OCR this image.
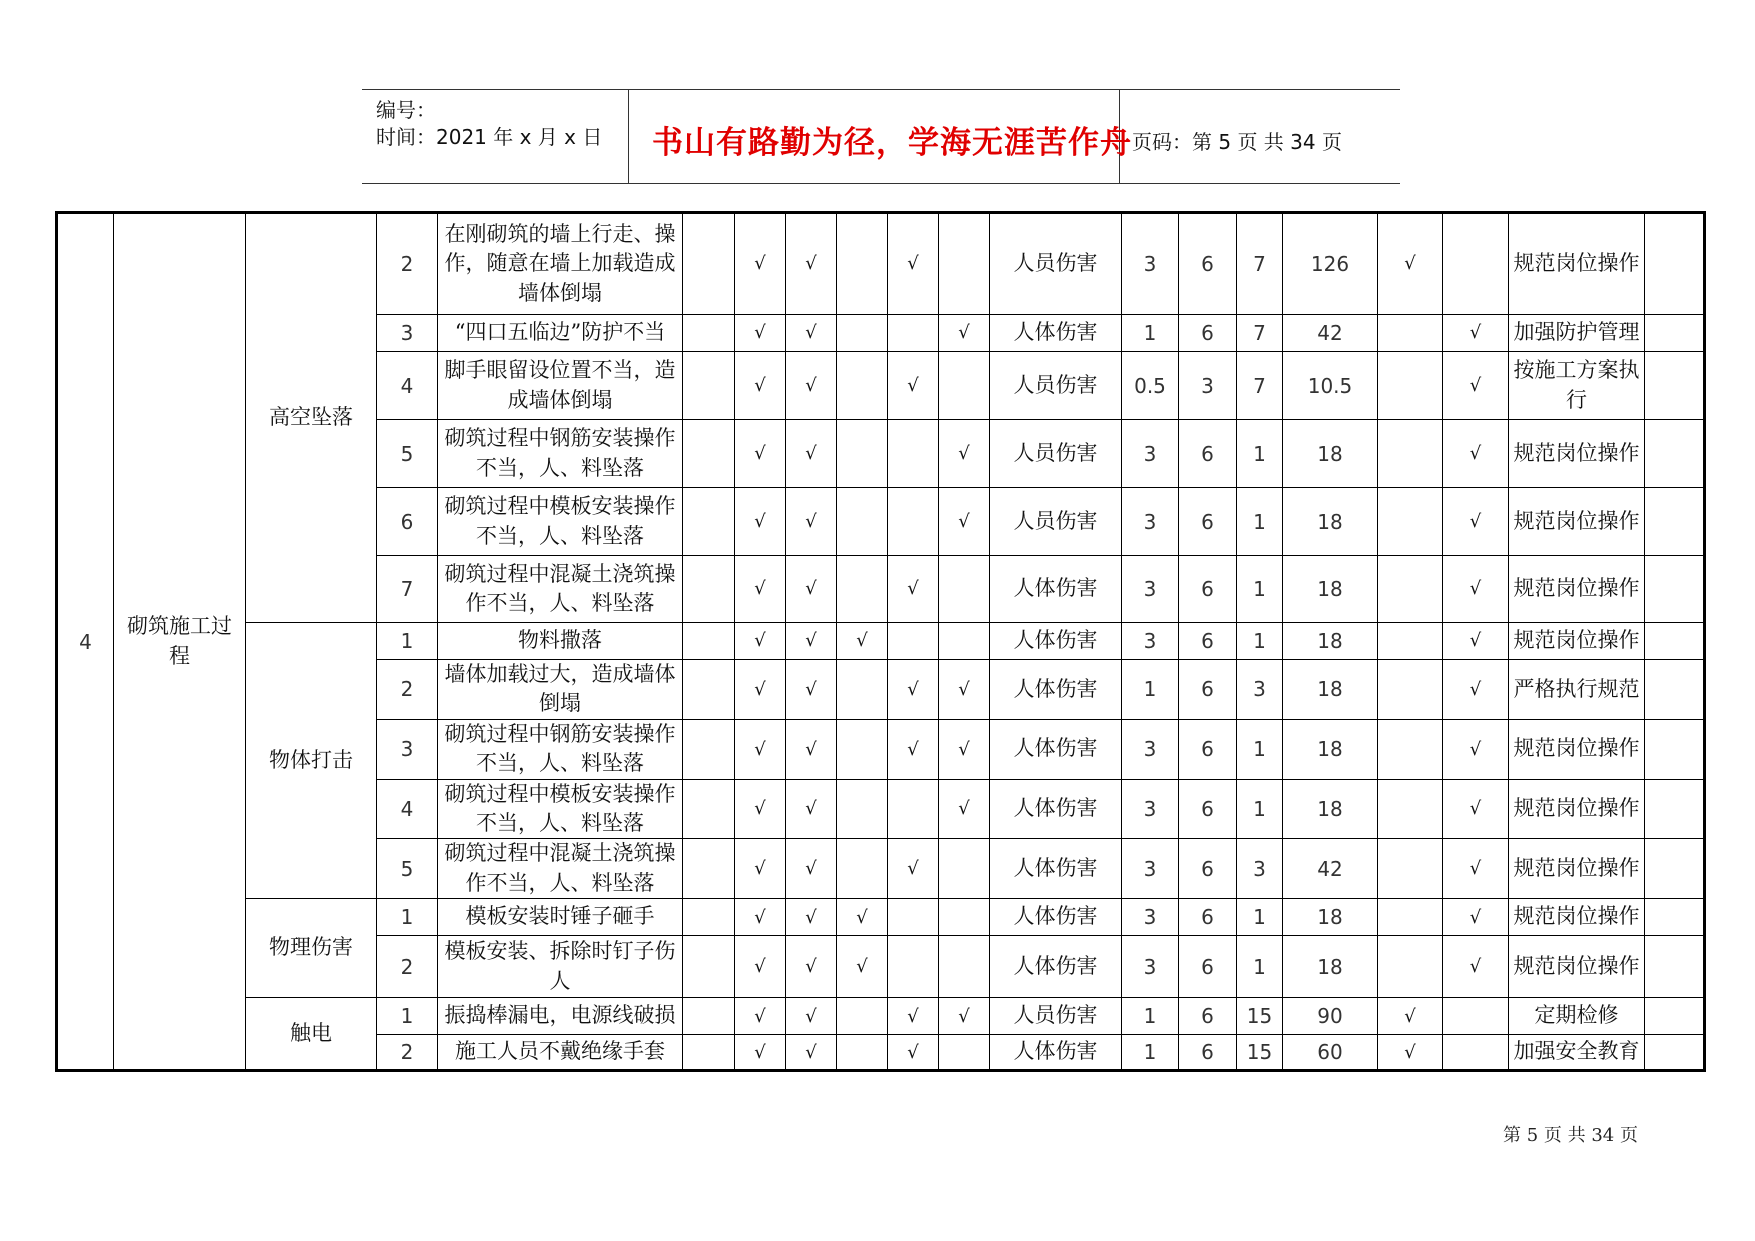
编号：
时间：2021 年 x 月 x 日 书山有路勤为径，学海无涯苦作舟 页码：第 5 页 共 34 页
4	砌筑施工过程	高空坠落	2	在刚砌筑的墙上行走、操作，随意在墙上加载造成墙体倒塌		√	√		√		人员伤害	3	6	7	126	√		规范岗位操作	
			3	“四口五临边”防护不当		√	√			√	人体伤害	1	6	7	42		√	加强防护管理	
			4	脚手眼留设位置不当，造成墙体倒塌		√	√		√		人员伤害	0.5	3	7	10.5		√	按施工方案执行	
			5	砌筑过程中钢筋安装操作不当，人、料坠落		√	√			√	人员伤害	3	6	1	18		√	规范岗位操作	
			6	砌筑过程中模板安装操作不当，人、料坠落		√	√			√	人员伤害	3	6	1	18		√	规范岗位操作	
			7	砌筑过程中混凝土浇筑操作不当，人、料坠落		√	√		√		人体伤害	3	6	1	18		√	规范岗位操作	
		物体打击	1	物料撒落		√	√	√			人体伤害	3	6	1	18		√	规范岗位操作	
			2	墙体加载过大，造成墙体倒塌		√	√		√	√	人体伤害	1	6	3	18		√	严格执行规范	
			3	砌筑过程中钢筋安装操作不当，人、料坠落		√	√		√	√	人体伤害	3	6	1	18		√	规范岗位操作	
			4	砌筑过程中模板安装操作不当，人、料坠落		√	√			√	人体伤害	3	6	1	18		√	规范岗位操作	
			5	砌筑过程中混凝土浇筑操作不当，人、料坠落		√	√		√		人体伤害	3	6	3	42		√	规范岗位操作	
		物理伤害	1	模板安装时锤子砸手		√	√	√			人体伤害	3	6	1	18		√	规范岗位操作	
			2	模板安装、拆除时钉子伤人		√	√	√			人体伤害	3	6	1	18		√	规范岗位操作	
		触电	1	振捣棒漏电，电源线破损		√	√		√	√	人员伤害	1	6	15	90	√		定期检修	
			2	施工人员不戴绝缘手套		√	√		√		人体伤害	1	6	15	60	√		加强安全教育	
第 5 页 共 34 页
